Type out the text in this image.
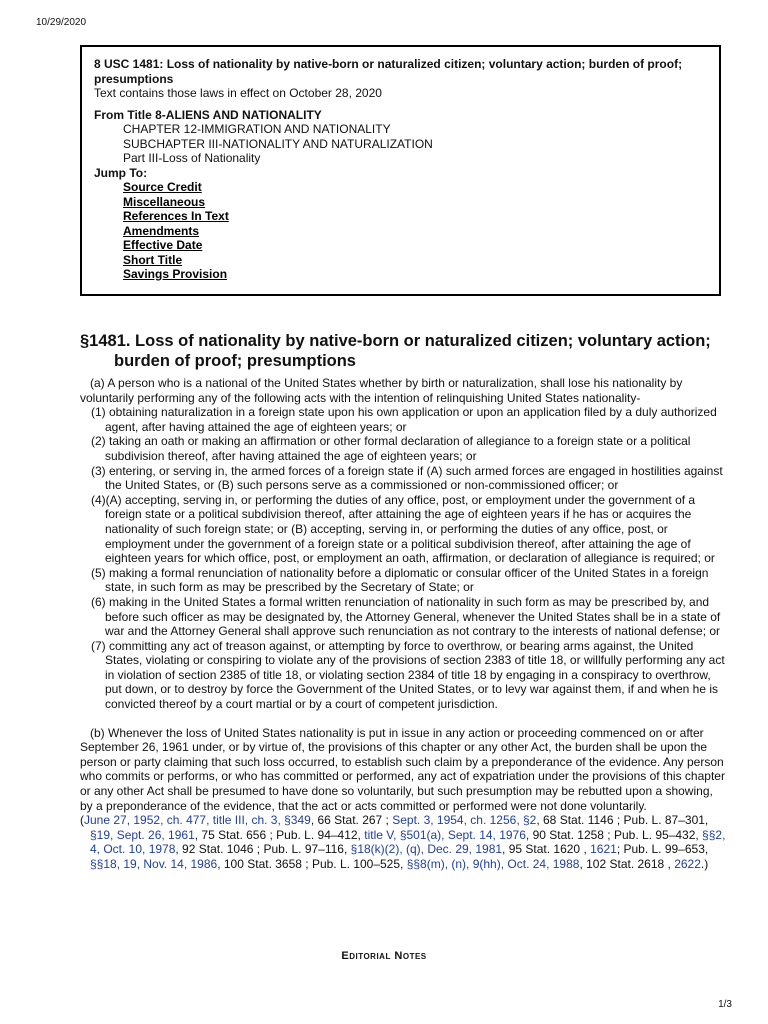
10/29/2020
8 USC 1481: Loss of nationality by native-born or naturalized citizen; voluntary action; burden of proof; presumptions
Text contains those laws in effect on October 28, 2020
From Title 8-ALIENS AND NATIONALITY
CHAPTER 12-IMMIGRATION AND NATIONALITY
SUBCHAPTER III-NATIONALITY AND NATURALIZATION
Part III-Loss of Nationality
Jump To:
Source Credit
Miscellaneous
References In Text
Amendments
Effective Date
Short Title
Savings Provision
§1481. Loss of nationality by native-born or naturalized citizen; voluntary action; burden of proof; presumptions

(a) A person who is a national of the United States whether by birth or naturalization, shall lose his nationality by voluntarily performing any of the following acts with the intention of relinquishing United States nationality-

(1) obtaining naturalization in a foreign state upon his own application or upon an application filed by a duly authorized agent, after having attained the age of eighteen years; or

(2) taking an oath or making an affirmation or other formal declaration of allegiance to a foreign state or a political subdivision thereof, after having attained the age of eighteen years; or

(3) entering, or serving in, the armed forces of a foreign state if (A) such armed forces are engaged in hostilities against the United States, or (B) such persons serve as a commissioned or non-commissioned officer; or

(4)(A) accepting, serving in, or performing the duties of any office, post, or employment under the government of a foreign state or a political subdivision thereof, after attaining the age of eighteen years if he has or acquires the nationality of such foreign state; or (B) accepting, serving in, or performing the duties of any office, post, or employment under the government of a foreign state or a political subdivision thereof, after attaining the age of eighteen years for which office, post, or employment an oath, affirmation, or declaration of allegiance is required; or

(5) making a formal renunciation of nationality before a diplomatic or consular officer of the United States in a foreign state, in such form as may be prescribed by the Secretary of State; or

(6) making in the United States a formal written renunciation of nationality in such form as may be prescribed by, and before such officer as may be designated by, the Attorney General, whenever the United States shall be in a state of war and the Attorney General shall approve such renunciation as not contrary to the interests of national defense; or

(7) committing any act of treason against, or attempting by force to overthrow, or bearing arms against, the United States, violating or conspiring to violate any of the provisions of section 2383 of title 18, or willfully performing any act in violation of section 2385 of title 18, or violating section 2384 of title 18 by engaging in a conspiracy to overthrow, put down, or to destroy by force the Government of the United States, or to levy war against them, if and when he is convicted thereof by a court martial or by a court of competent jurisdiction.

(b) Whenever the loss of United States nationality is put in issue in any action or proceeding commenced on or after September 26, 1961 under, or by virtue of, the provisions of this chapter or any other Act, the burden shall be upon the person or party claiming that such loss occurred, to establish such claim by a preponderance of the evidence. Any person who commits or performs, or who has committed or performed, any act of expatriation under the provisions of this chapter or any other Act shall be presumed to have done so voluntarily, but such presumption may be rebutted upon a showing, by a preponderance of the evidence, that the act or acts committed or performed were not done voluntarily.

(June 27, 1952, ch. 477, title III, ch. 3, §349, 66 Stat. 267 ; Sept. 3, 1954, ch. 1256, §2, 68 Stat. 1146 ; Pub. L. 87–301, §19, Sept. 26, 1961, 75 Stat. 656 ; Pub. L. 94–412, title V, §501(a), Sept. 14, 1976, 90 Stat. 1258 ; Pub. L. 95–432, §§2, 4, Oct. 10, 1978, 92 Stat. 1046 ; Pub. L. 97–116, §18(k)(2), (q), Dec. 29, 1981, 95 Stat. 1620 , 1621; Pub. L. 99–653, §§18, 19, Nov. 14, 1986, 100 Stat. 3658 ; Pub. L. 100–525, §§8(m), (n), 9(hh), Oct. 24, 1988, 102 Stat. 2618 , 2622.)

Editorial Notes
1/3
